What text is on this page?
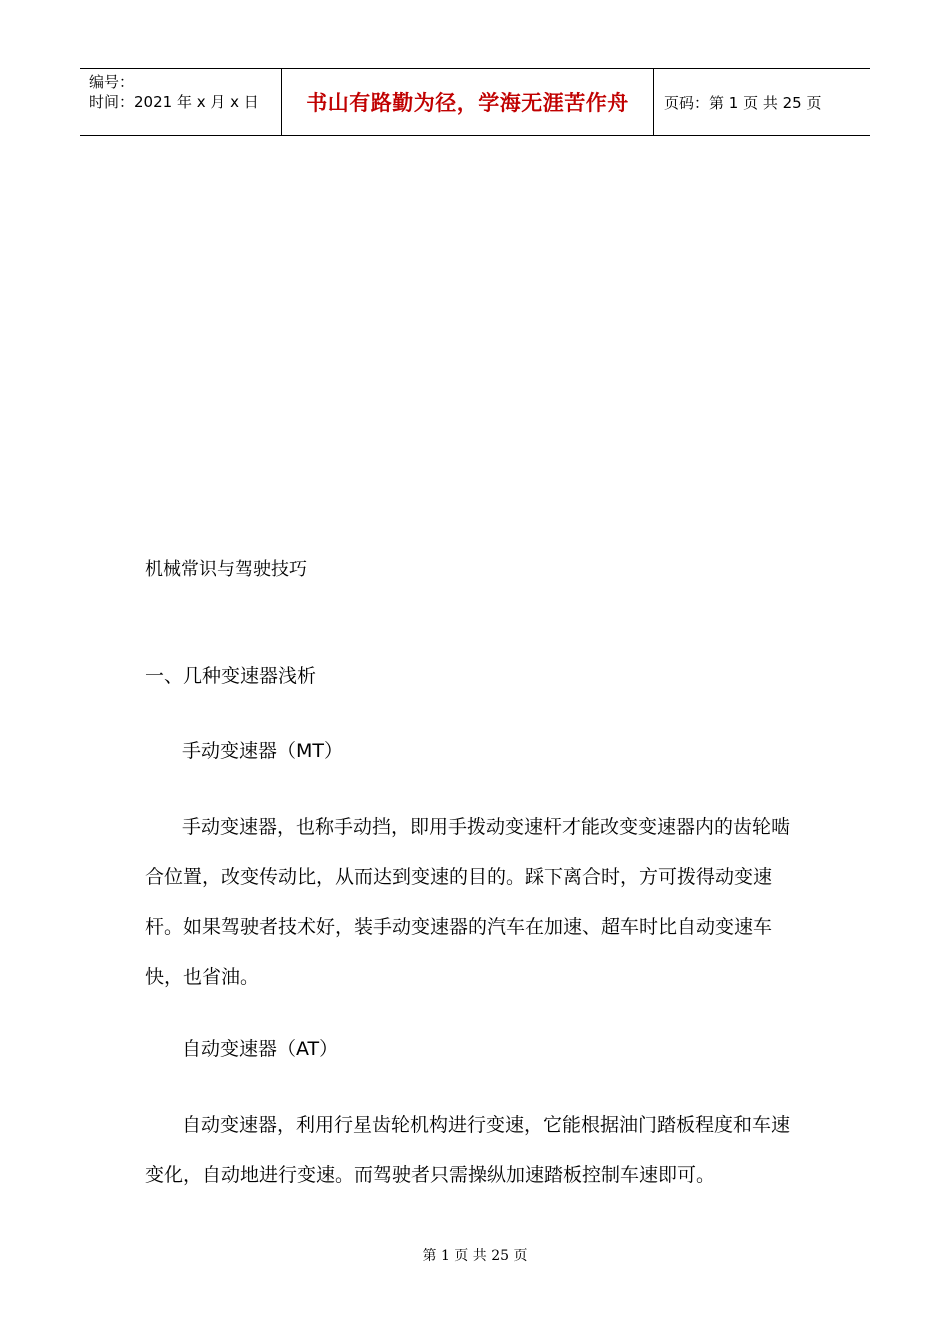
编号：
时间：2021 年 x 月 x 日	书山有路勤为径，学海无涯苦作舟	页码：第 1 页 共 25 页
机械常识与驾驶技巧
一、几种变速器浅析
手动变速器（MT）

手动变速器，也称手动挡，即用手拨动变速杆才能改变变速器内的齿轮啮合位置，改变传动比，从而达到变速的目的。踩下离合时，方可拨得动变速杆。如果驾驶者技术好，装手动变速器的汽车在加速、超车时比自动变速车快，也省油。

自动变速器（AT）

自动变速器，利用行星齿轮机构进行变速，它能根据油门踏板程度和车速变化，自动地进行变速。而驾驶者只需操纵加速踏板控制车速即可。

第 1 页 共 25 页
